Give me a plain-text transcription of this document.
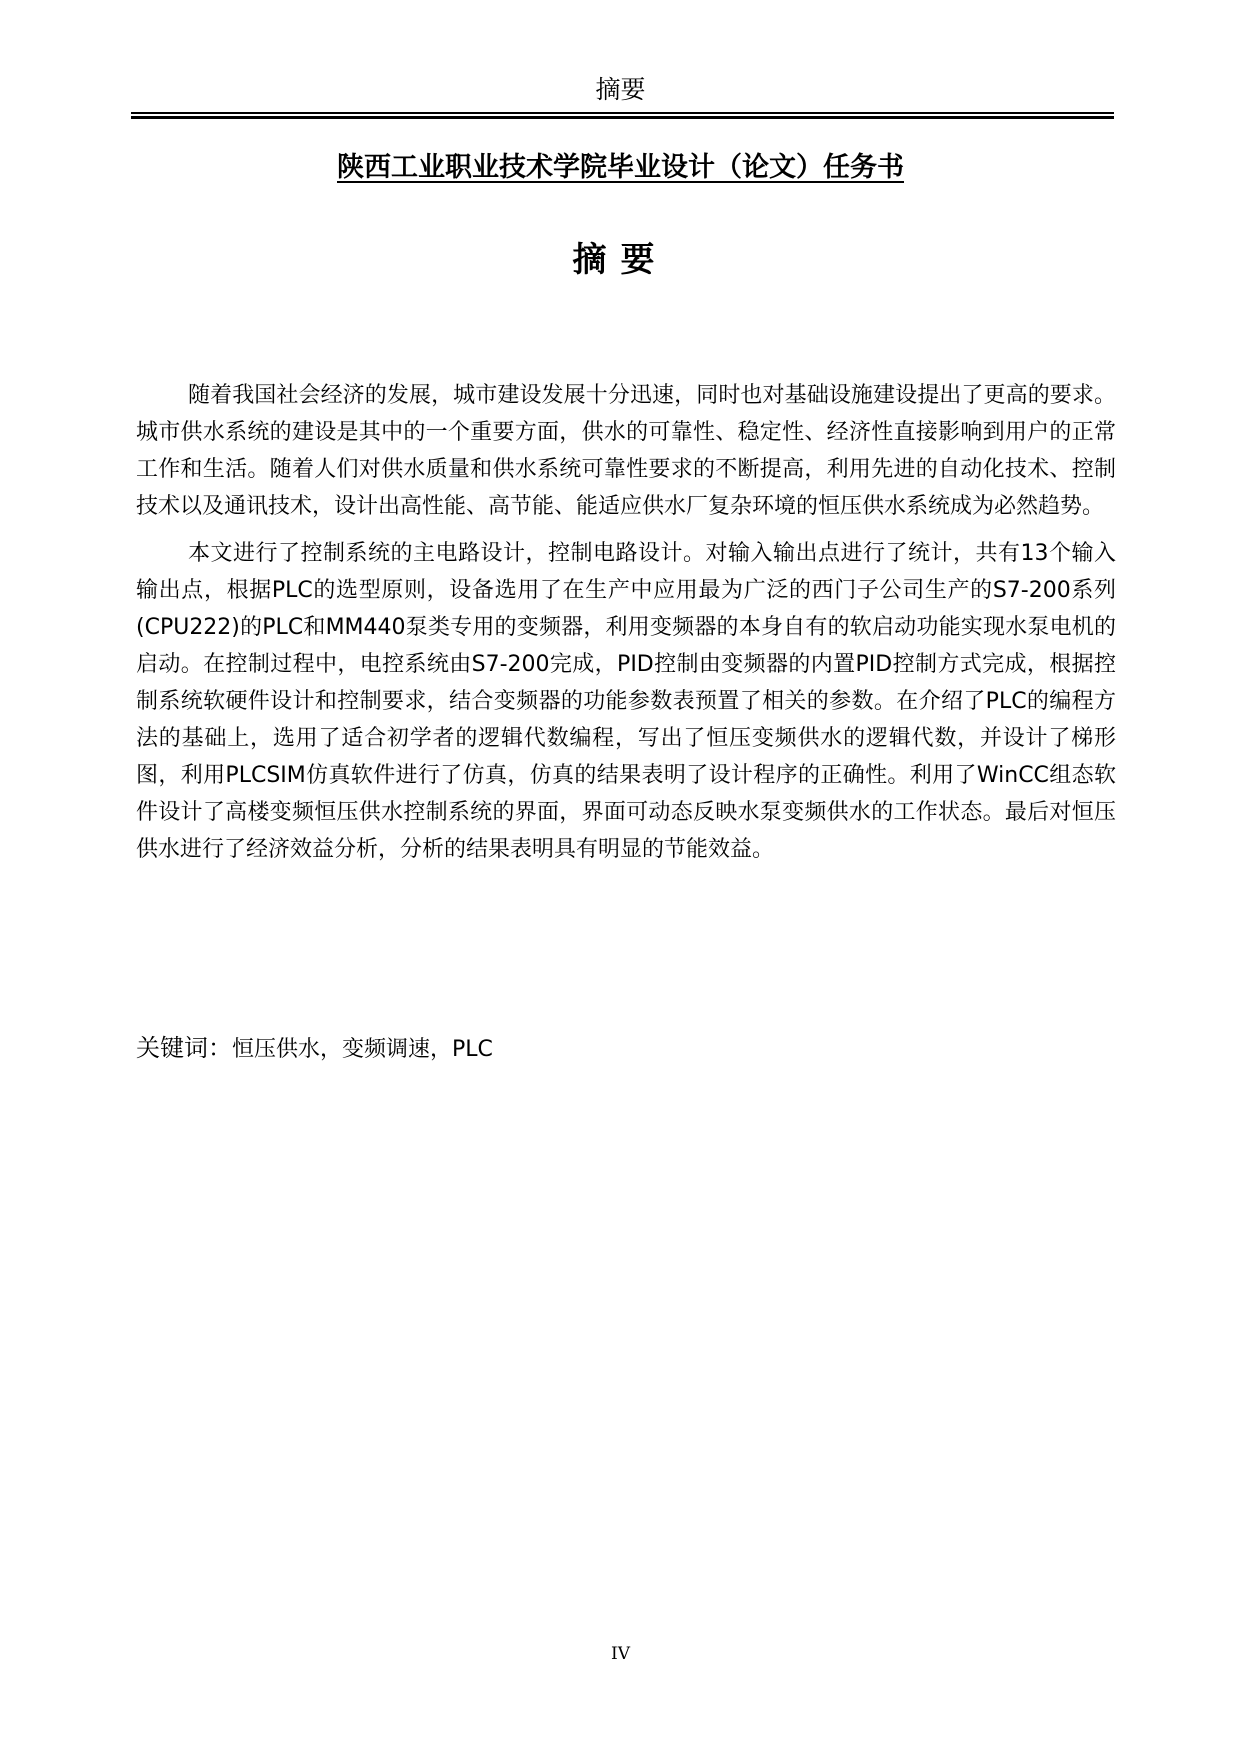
摘要
陕西工业职业技术学院毕业设计（论文）任务书
摘要

随着我国社会经济的发展，城市建设发展十分迅速，同时也对基础设施建设提出了更高的要求。城市供水系统的建设是其中的一个重要方面，供水的可靠性、稳定性、经济性直接影响到用户的正常工作和生活。随着人们对供水质量和供水系统可靠性要求的不断提高，利用先进的自动化技术、控制技术以及通讯技术，设计出高性能、高节能、能适应供水厂复杂环境的恒压供水系统成为必然趋势。

本文进行了控制系统的主电路设计，控制电路设计。对输入输出点进行了统计，共有13个输入输出点，根据PLC的选型原则，设备选用了在生产中应用最为广泛的西门子公司生产的S7-200系列(CPU222)的PLC和MM440泵类专用的变频器，利用变频器的本身自有的软启动功能实现水泵电机的启动。在控制过程中，电控系统由S7-200完成，PID控制由变频器的内置PID控制方式完成，根据控制系统软硬件设计和控制要求，结合变频器的功能参数表预置了相关的参数。在介绍了PLC的编程方法的基础上，选用了适合初学者的逻辑代数编程，写出了恒压变频供水的逻辑代数，并设计了梯形图，利用PLCSIM仿真软件进行了仿真，仿真的结果表明了设计程序的正确性。利用了WinCC组态软件设计了高楼变频恒压供水控制系统的界面，界面可动态反映水泵变频供水的工作状态。最后对恒压供水进行了经济效益分析，分析的结果表明具有明显的节能效益。

关键词：恒压供水，变频调速，PLC
IV
